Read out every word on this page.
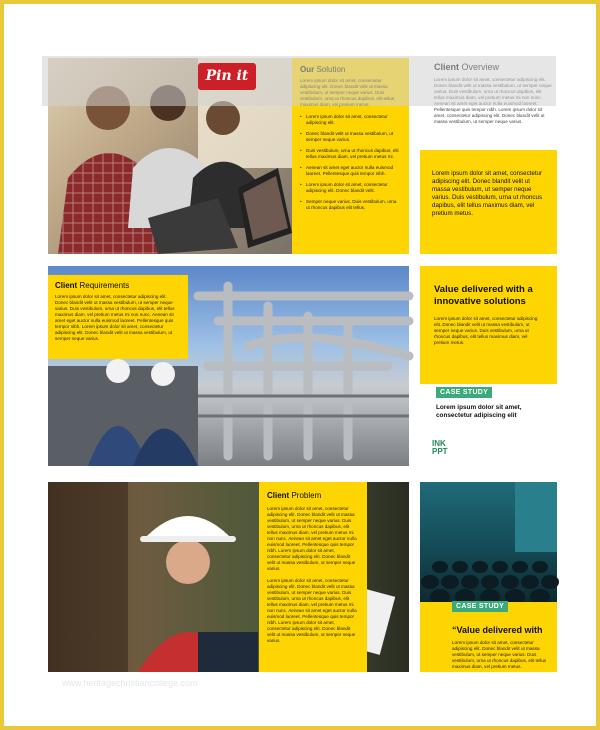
• Lorem ipsum dolor sit amet, consectetur adipiscing elit.
• Donec blandit velit ut massa vestibulum, ut semper neque varius.
• Duis vestibulum, urna ut rhoncus dapibus, elit tellus maximus diam, vel pretium metus mi.
• Aenean sit amet eget auctor nulla euismod laoreet. Pellentesque quis tempor nibh.
• Lorem ipsum dolor sit amet, consectetur adipiscing elit. Donec blandit velit.
• Semper neque varius. Duis vestibulum, urna ut rhoncus dapibus elit tellus.
Pellentesque quis tempor nibh. Lorem ipsum dolor sit amet, consectetur adipiscing elit. Donec blandit velit ut massa vestibulum, ut semper neque varius.
Lorem ipsum dolor sit amet, consectetur adipiscing elit. Donec blandit velit ut massa vestibulum, ut semper neque varius. Duis vestibulum, urna ut rhoncus dapibus, elit tellus maximus diam, vel pretium metus.
Pin it
Client Requirements
Lorem ipsum dolor sit amet, consectetur adipiscing elit. Donec blandit velit ut massa vestibulum, ut semper neque varius. Duis vestibulum, urna ut rhoncus dapibus, elit tellus maximus diam, vel pretium metus mi non nunc. Aenean sit amet eget auctor nulla euismod laoreet. Pellentesque quis tempor nibh. Lorem ipsum dolor sit amet, consectetur adipiscing elit. Donec blandit velit ut massa vestibulum, ut semper neque varius.
Value delivered with a innovative solutions
Lorem ipsum dolor sit amet, consectetur adipiscing elit. Donec blandit velit ut massa vestibulum, ut semper neque varius. Duis vestibulum, urna ut rhoncus dapibus, elit tellus maximus diam, vel pretium metus.
CASE STUDY
Lorem ipsum dolor sit amet, consectetur adipiscing elit
INK
PPT
Client Problem
Lorem ipsum dolor sit amet, consectetur adipiscing elit. Donec blandit velit ut massa vestibulum, ut semper neque varius. Duis vestibulum, urna ut rhoncus dapibus, elit tellus maximus diam, vel pretium metus mi non nunc. Aenean sit amet eget auctor nulla euismod laoreet. Pellentesque quis tempor nibh. Lorem ipsum dolor sit amet, consectetur adipiscing elit. Donec blandit velit ut massa vestibulum, ut semper neque varius.
Lorem ipsum dolor sit amet, consectetur adipiscing elit. Donec blandit velit ut massa vestibulum, ut semper neque varius. Duis vestibulum, urna ut rhoncus dapibus, elit tellus maximus diam, vel pretium metus mi non nunc. Aenean sit amet eget auctor nulla euismod laoreet. Pellentesque quis tempor nibh. Lorem ipsum dolor sit amet, consectetur adipiscing elit. Donec blandit velit ut massa vestibulum, ut semper neque varius.
“Value delivered with
Lorem ipsum dolor sit amet, consectetur adipiscing elit. Donec blandit velit ut massa vestibulum, ut semper neque varius. Duis vestibulum, urna ut rhoncus dapibus, elit tellus maximus diam, vel pretium metus.
CASE STUDY
www.heritagechristiancollege.com
